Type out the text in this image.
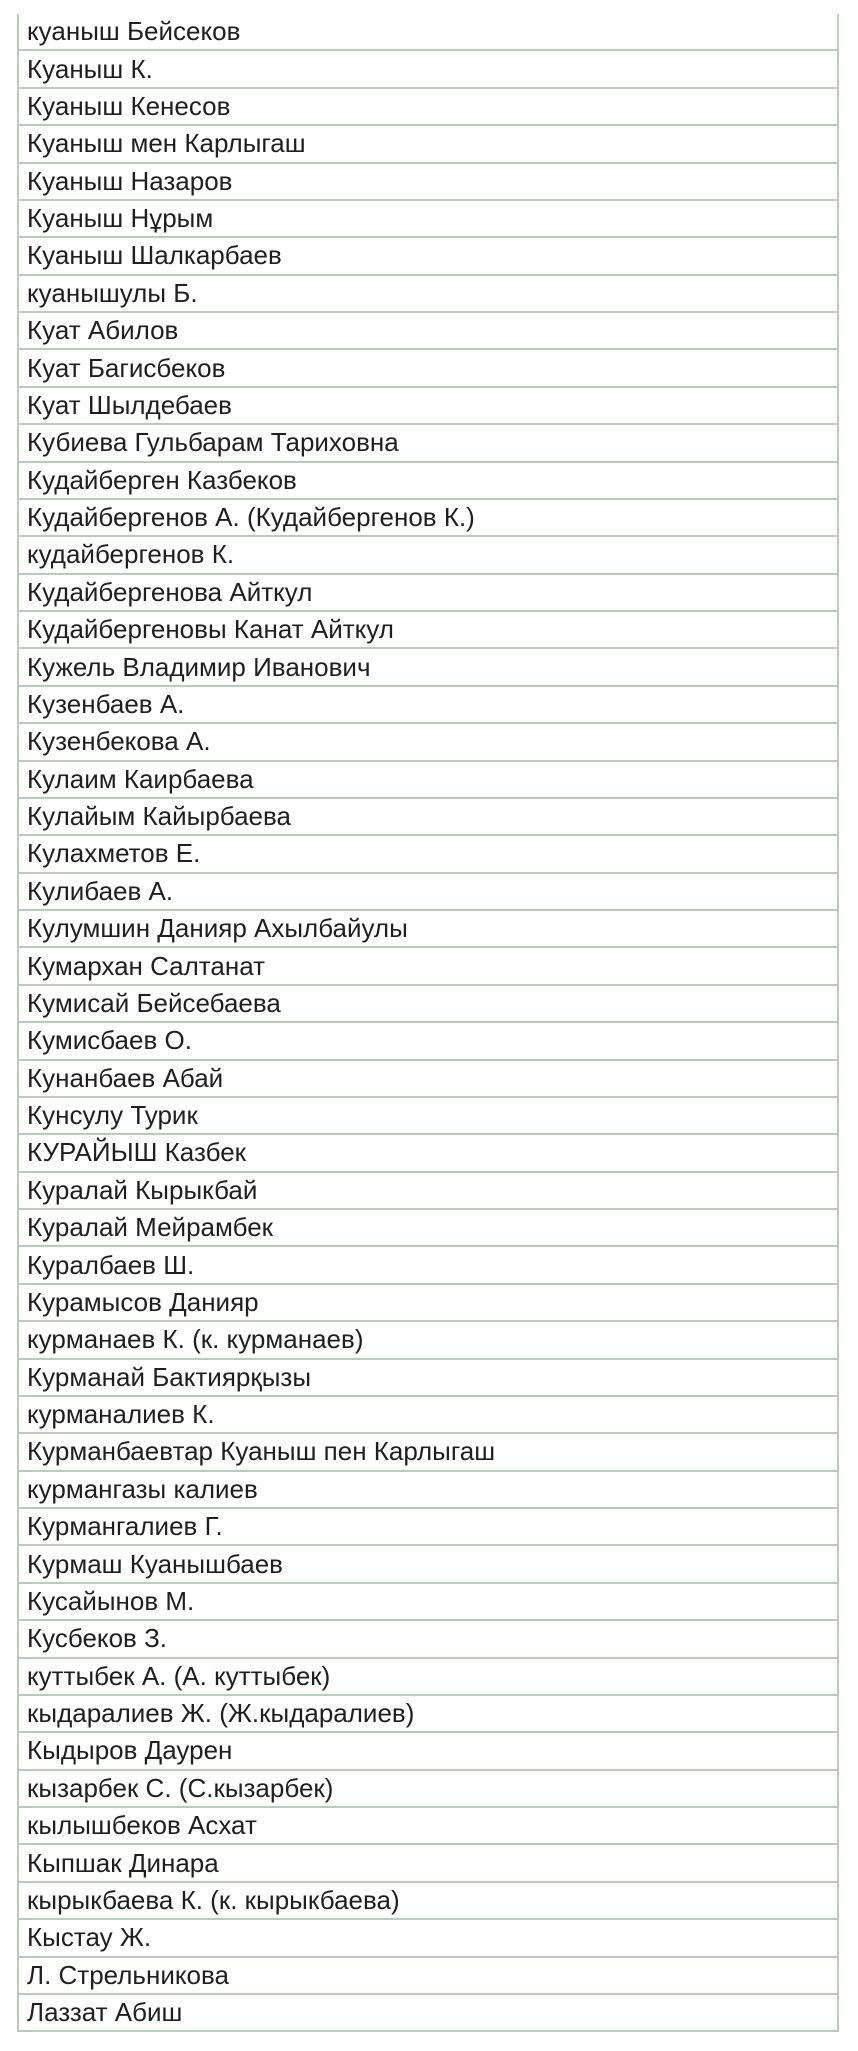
куаныш Бейсеков
Куаныш К.
Куаныш Кенесов
Куаныш мен Карлыгаш
Куаныш Назаров
Куаныш Нұрым
Куаныш Шалкарбаев
куанышулы Б.
Куат Абилов
Куат Багисбеков
Куат Шылдебаев
Кубиева Гульбарам Тариховна
Кудайберген Казбеков
Кудайбергенов А. (Кудайбергенов К.)
кудайбергенов К.
Кудайбергенова Айткул
Кудайбергеновы Канат Айткул
Кужель Владимир Иванович
Кузенбаев А.
Кузенбекова А.
Кулаим Каирбаева
Кулайым Кайырбаева
Кулахметов Е.
Кулибаев А.
Кулумшин Данияр Ахылбайулы
Кумархан Салтанат
Кумисай Бейсебаева
Кумисбаев О.
Кунанбаев Абай
Кунсулу Турик
КУРАЙЫШ Казбек
Куралай Кырыкбай
Куралай Мейрамбек
Куралбаев Ш.
Курамысов Данияр
курманаев К. (к. курманаев)
Курманай Бактиярқызы
курманалиев К.
Курманбаевтар Куаныш пен Карлыгаш
курмангазы калиев
Курмангалиев Г.
Курмаш Куанышбаев
Кусайынов М.
Кусбеков З.
куттыбек А. (А. куттыбек)
кыдаралиев Ж. (Ж.кыдаралиев)
Кыдыров Даурен
кызарбек С. (С.кызарбек)
кылышбеков Асхат
Кыпшак Динара
кырыкбаева К. (к. кырыкбаева)
Кыстау Ж.
Л. Стрельникова
Лаззат Абиш
